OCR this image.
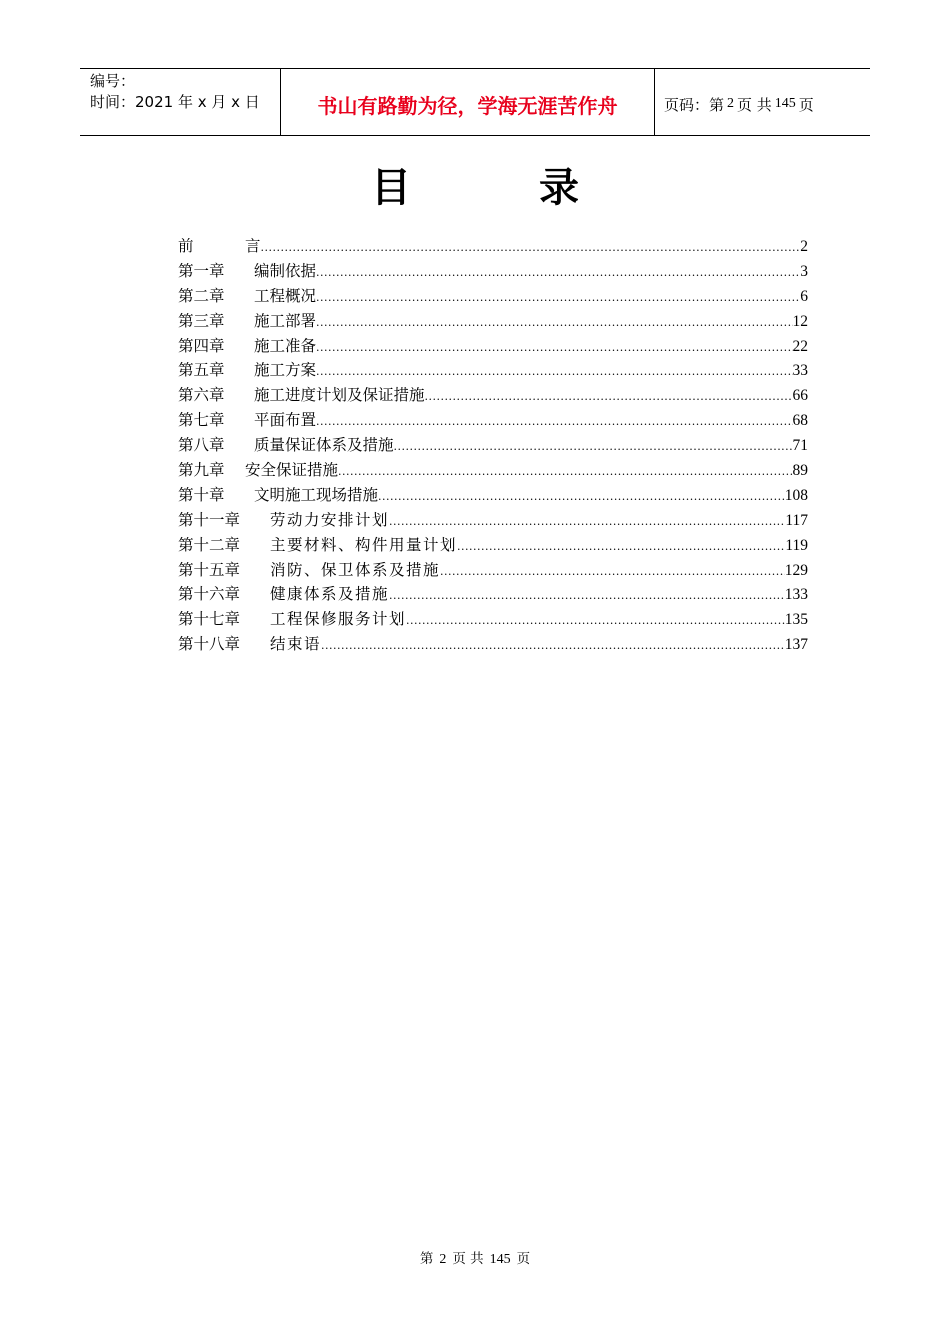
编号：
时间：2021 年 x 月 x 日	书山有路勤为径，学海无涯苦作舟	页码：第 2 页 共 145 页
目	录
前	言 .....	2
第一章	编制依据 .....	3
第二章	工程概况 .....	6
第三章	施工部署 .....	12
第四章	施工准备 .....	22
第五章	施工方案 .....	33
第六章	施工进度计划及保证措施 .....	66
第七章	平面布置 .....	68
第八章	质量保证体系及措施 .....	71
第九章	安全保证措施 .....	89
第十章	文明施工现场措施 .....	108
第十一章	劳动力安排计划 .....	117
第十二章	主要材料、构件用量计划 .....	119
第十五章	消防、保卫体系及措施 .....	129
第十六章	健康体系及措施 .....	133
第十七章	工程保修服务计划 .....	135
第十八章	结束语 .....	137
第 2 页 共 145 页
